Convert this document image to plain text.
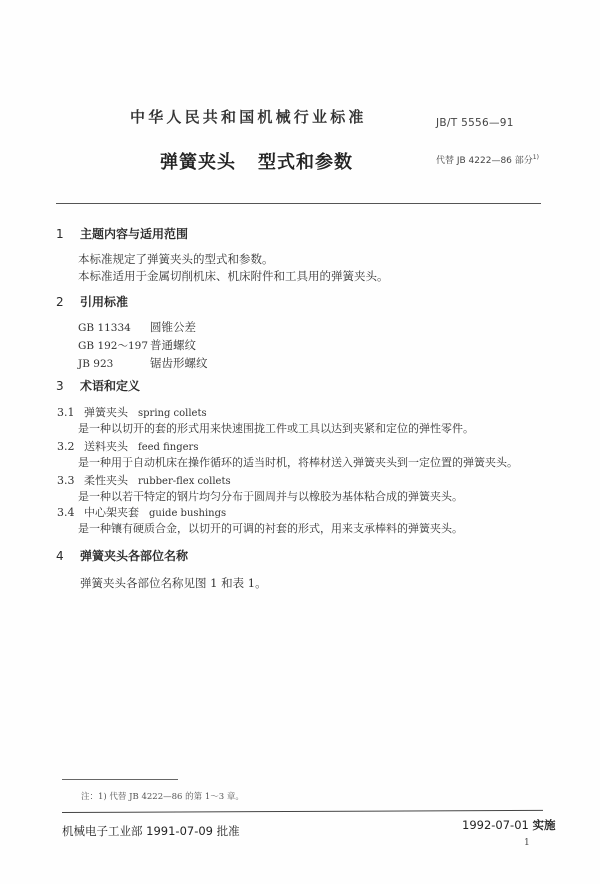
中华人民共和国机械行业标准	JB/T 5556—91
弹簧夹头 型式和参数	代替 JB 4222—86 部分$^{1)}$
1 主题内容与适用范围
本标准规定了弹簧夹头的型式和参数。
本标准适用于金属切削机床、机床附件和工具用的弹簧夹头。
2 引用标准
GB 11334 圆锥公差
GB 192～197 普通螺纹
JB 923	锯齿形螺纹
3 术语和定义
3.1 弹簧夹头 spring collets
是一种以切开的套的形式用来快速围拢工件或工具以达到夹紧和定位的弹性零件。
3.2 送料夹头 feed fingers
是一种用于自动机床在操作循环的适当时机，将棒材送入弹簧夹头到一定位置的弹簧夹头。
3.3 柔性夹头 rubber-flex collets
是一种以若干特定的钢片均匀分布于圆周并与以橡胶为基体粘合成的弹簧夹头。
3.4 中心架夹套 guide bushings
是一种镶有硬质合金，以切开的可调的衬套的形式，用来支承棒料的弹簧夹头。
4 弹簧夹头各部位名称
弹簧夹头各部位名称见图 1 和表 1。
注：1) 代替 JB 4222—86 的第 1～3 章。
机械电子工业部 1991-07-09 批准	1992-07-01 实施
1
